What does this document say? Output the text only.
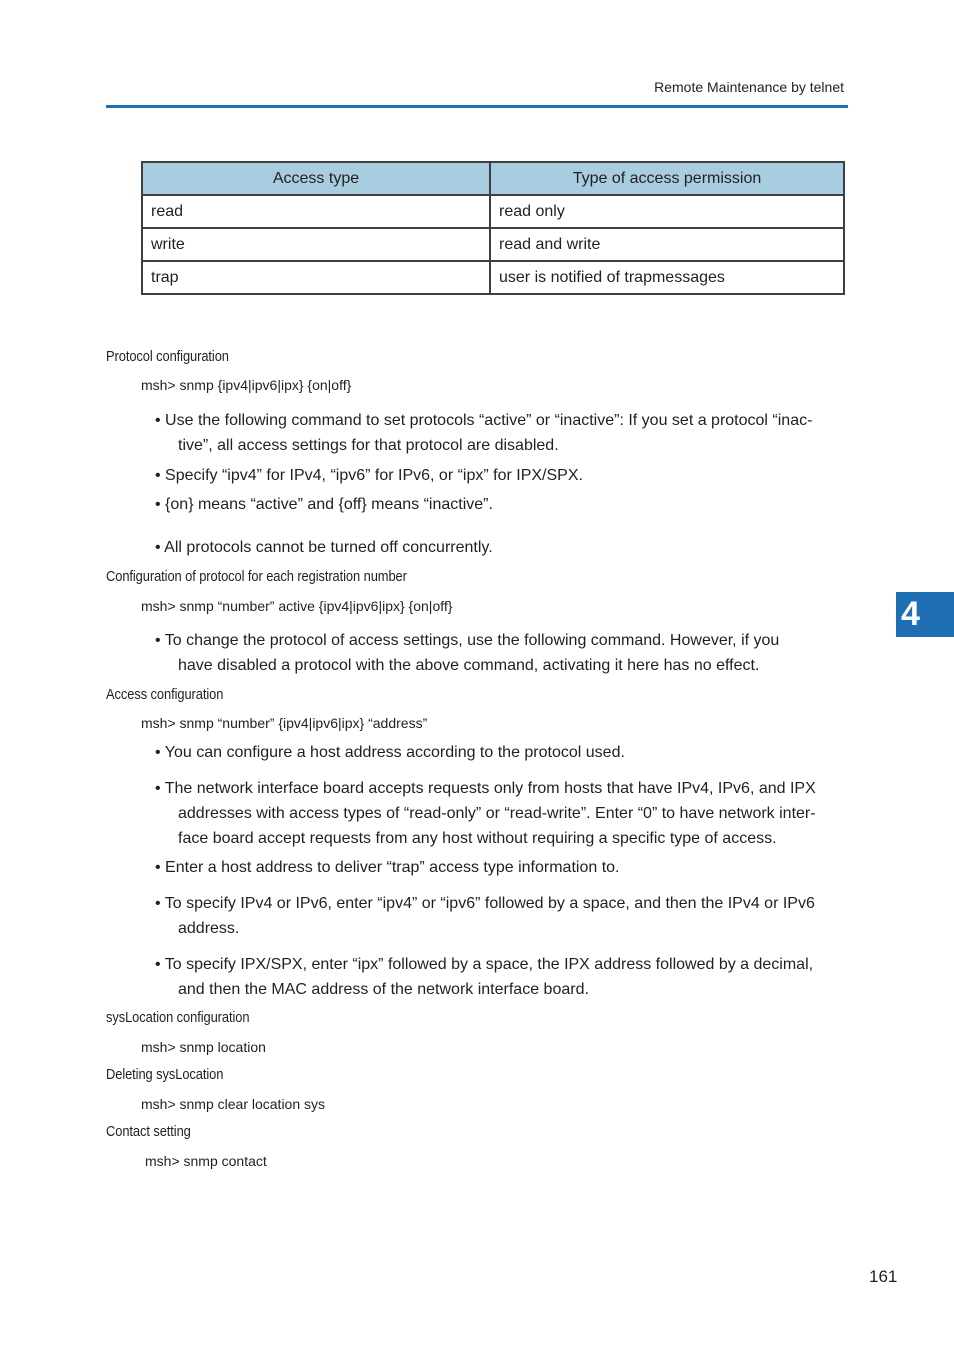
Remote Maintenance by telnet
Access type	Type of access permission
read	read only
write	read and write
trap	user is notified of trapmessages
Protocol configuration
msh> snmp {ipv4|ipv6|ipx} {on|off}
• Use the following command to set protocols “active” or “inactive”: If you set a protocol “inac-
tive”, all access settings for that protocol are disabled.
• Specify “ipv4” for IPv4, “ipv6” for IPv6, or “ipx” for IPX/SPX.
• {on} means “active” and {off} means “inactive”.
• All protocols cannot be turned off concurrently.
Configuration of protocol for each registration number
msh> snmp “number” active {ipv4|ipv6|ipx} {on|off}
• To change the protocol of access settings, use the following command. However, if you
have disabled a protocol with the above command, activating it here has no effect.
Access configuration
msh> snmp “number” {ipv4|ipv6|ipx} “address”
• You can configure a host address according to the protocol used.
• The network interface board accepts requests only from hosts that have IPv4, IPv6, and IPX
addresses with access types of “read-only” or “read-write”. Enter “0” to have network inter-
face board accept requests from any host without requiring a specific type of access.
• Enter a host address to deliver “trap” access type information to.
• To specify IPv4 or IPv6, enter “ipv4” or “ipv6” followed by a space, and then the IPv4 or IPv6
address.
• To specify IPX/SPX, enter “ipx” followed by a space, the IPX address followed by a decimal,
and then the MAC address of the network interface board.
sysLocation configuration
msh> snmp location
Deleting sysLocation
msh> snmp clear location sys
Contact setting
msh> snmp contact
4
161
